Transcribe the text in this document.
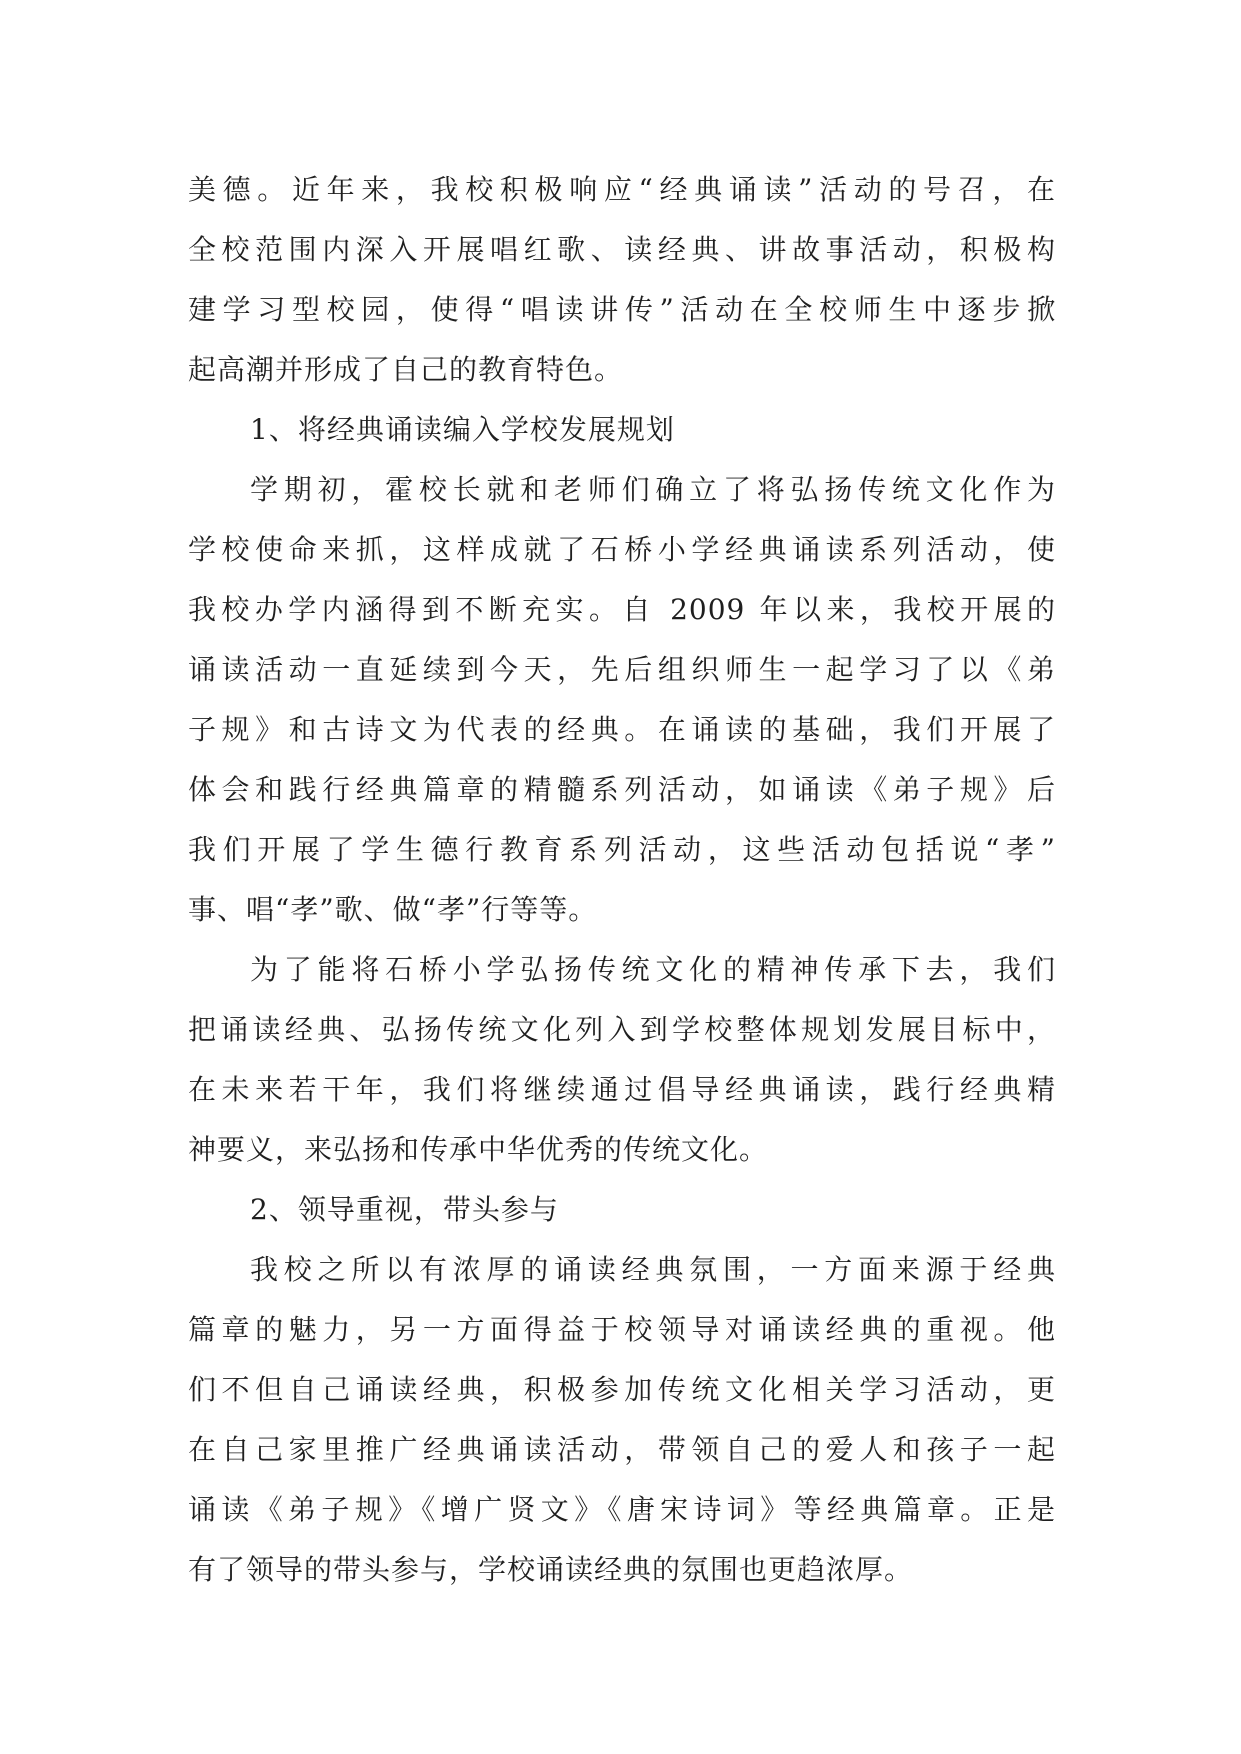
美德。近年来，我校积极响应“经典诵读”活动的号召，在
全校范围内深入开展唱红歌、读经典、讲故事活动，积极构
建学习型校园，使得“唱读讲传”活动在全校师生中逐步掀
起高潮并形成了自己的教育特色。
1、将经典诵读编入学校发展规划
学期初，霍校长就和老师们确立了将弘扬传统文化作为
学校使命来抓，这样成就了石桥小学经典诵读系列活动，使
我校办学内涵得到不断充实。自 2009 年以来，我校开展的
诵读活动一直延续到今天，先后组织师生一起学习了以《弟
子规》和古诗文为代表的经典。在诵读的基础，我们开展了
体会和践行经典篇章的精髓系列活动，如诵读《弟子规》后
我们开展了学生德行教育系列活动，这些活动包括说“孝”
事、唱“孝”歌、做“孝”行等等。
为了能将石桥小学弘扬传统文化的精神传承下去，我们
把诵读经典、弘扬传统文化列入到学校整体规划发展目标中，
在未来若干年，我们将继续通过倡导经典诵读，践行经典精
神要义，来弘扬和传承中华优秀的传统文化。
2、领导重视，带头参与
我校之所以有浓厚的诵读经典氛围，一方面来源于经典
篇章的魅力，另一方面得益于校领导对诵读经典的重视。他
们不但自己诵读经典，积极参加传统文化相关学习活动，更
在自己家里推广经典诵读活动，带领自己的爱人和孩子一起
诵读《弟子规》《增广贤文》《唐宋诗词》等经典篇章。正是
有了领导的带头参与，学校诵读经典的氛围也更趋浓厚。
